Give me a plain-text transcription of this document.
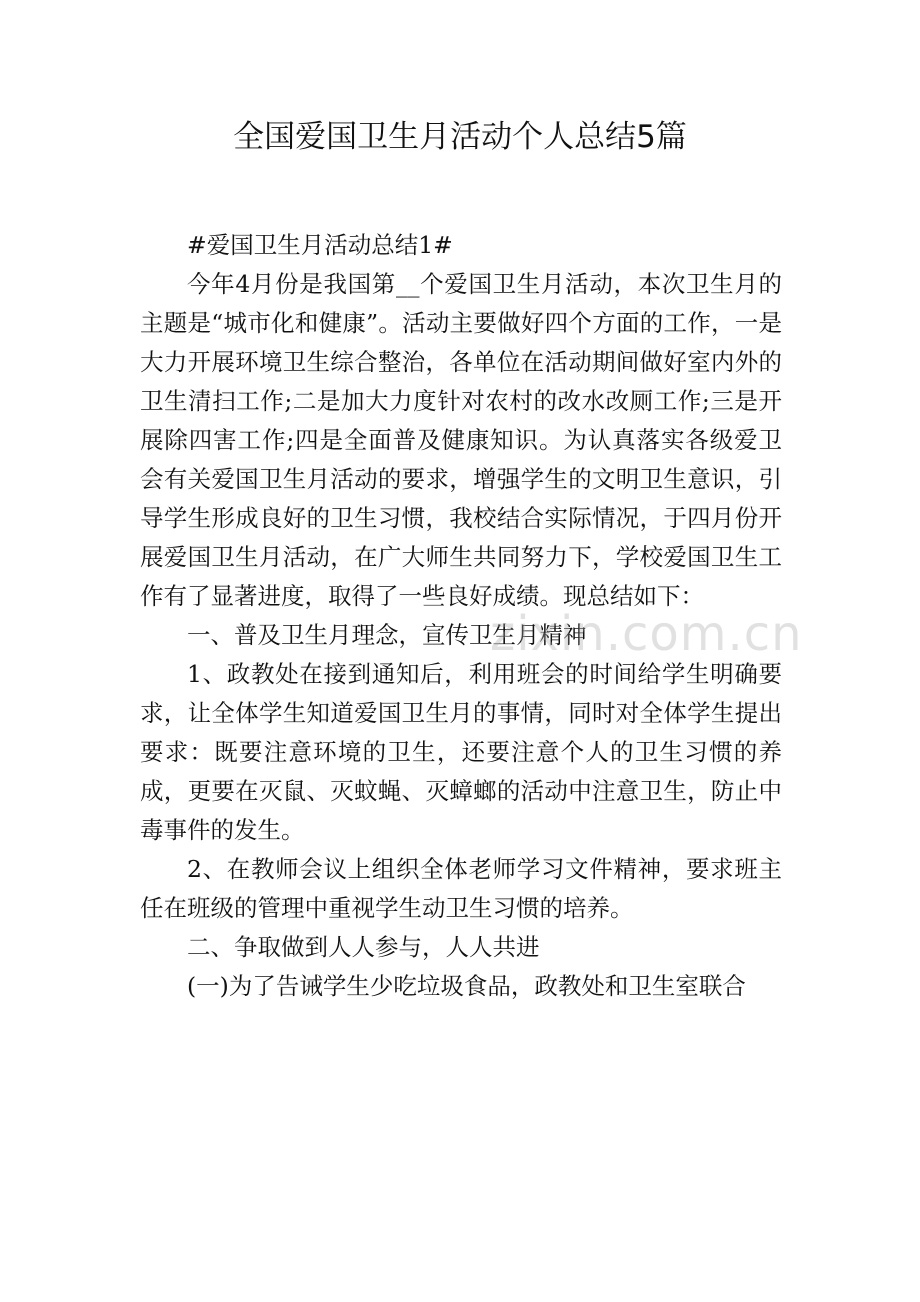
全国爱国卫生月活动个人总结5篇

#爱国卫生月活动总结1#

今年4月份是我国第__个爱国卫生月活动，本次卫生月的主题是“城市化和健康”。活动主要做好四个方面的工作，一是大力开展环境卫生综合整治，各单位在活动期间做好室内外的卫生清扫工作;二是加大力度针对农村的改水改厕工作;三是开展除四害工作;四是全面普及健康知识。为认真落实各级爱卫会有关爱国卫生月活动的要求，增强学生的文明卫生意识，引导学生形成良好的卫生习惯，我校结合实际情况，于四月份开展爱国卫生月活动，在广大师生共同努力下，学校爱国卫生工作有了显著进度，取得了一些良好成绩。现总结如下：

一、普及卫生月理念，宣传卫生月精神

1、政教处在接到通知后，利用班会的时间给学生明确要求，让全体学生知道爱国卫生月的事情，同时对全体学生提出要求：既要注意环境的卫生，还要注意个人的卫生习惯的养成，更要在灭鼠、灭蚊蝇、灭蟑螂的活动中注意卫生，防止中毒事件的发生。

2、在教师会议上组织全体老师学习文件精神，要求班主任在班级的管理中重视学生动卫生习惯的培养。

二、争取做到人人参与，人人共进

(一)为了告诫学生少吃垃圾食品，政教处和卫生室联合

zixin.com.cn
